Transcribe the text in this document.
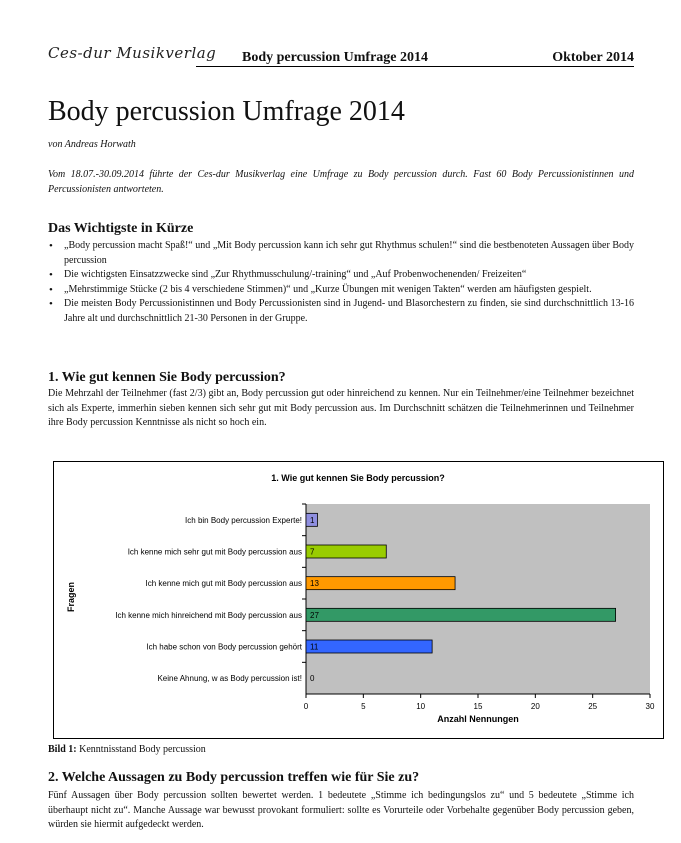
Ces-dur Musikverlag Body percussion Umfrage 2014	Oktober 2014
Body percussion Umfrage 2014
von Andreas Horwath

Vom 18.07.-30.09.2014 führte der Ces-dur Musikverlag eine Umfrage zu Body percussion durch. Fast 60 Body Percussionistinnen und Percussionisten antworteten.

Das Wichtigste in Kürze
• „Body percussion macht Spaß!“ und „Mit Body percussion kann ich sehr gut Rhythmus schulen!“ sind die bestbenoteten Aussagen über Body percussion
• Die wichtigsten Einsatzzwecke sind „Zur Rhythmusschulung/-training“ und „Auf Probenwochenenden/ Freizeiten“
• „Mehrstimmige Stücke (2 bis 4 verschiedene Stimmen)“ und „Kurze Übungen mit wenigen Takten“ werden am häufigsten gespielt.
• Die meisten Body Percussionistinnen und Body Percussionisten sind in Jugend- und Blasorchestern zu finden, sie sind durchschnittlich 13-16 Jahre alt und durchschnittlich 21-30 Personen in der Gruppe.
1. Wie gut kennen Sie Body percussion?

Die Mehrzahl der Teilnehmer (fast 2/3) gibt an, Body percussion gut oder hinreichend zu kennen. Nur ein Teilnehmer/eine Teilnehmer bezeichnet sich als Experte, immerhin sieben kennen sich sehr gut mit Body percussion aus. Im Durchschnitt schätzen die Teilnehmerinnen und Teilnehmer ihre Body percussion Kenntnisse als nicht so hoch ein.

1. Wie gut kennen Sie Body percussion?
Fragen
Anzahl Nennungen
0	5	10	15	20	25	30
Ich bin Body percussion Experte! 1
Ich kenne mich sehr gut mit Body percussion aus 7
Ich kenne mich gut mit Body percussion aus 13
Ich kenne mich hinreichend mit Body percussion aus 27
Ich habe schon von Body percussion gehört 11
Keine Ahnung, w as Body percussion ist! 0
Bild 1: Kenntnisstand Body percussion
2. Welche Aussagen zu Body percussion treffen wie für Sie zu?

Fünf Aussagen über Body percussion sollten bewertet werden. 1 bedeutete „Stimme ich bedingungslos zu“ und 5 bedeutete „Stimme ich überhaupt nicht zu“. Manche Aussage war bewusst provokant formuliert: sollte es Vorurteile oder Vorbehalte gegenüber Body percussion geben, würden sie hiermit aufgedeckt werden.
